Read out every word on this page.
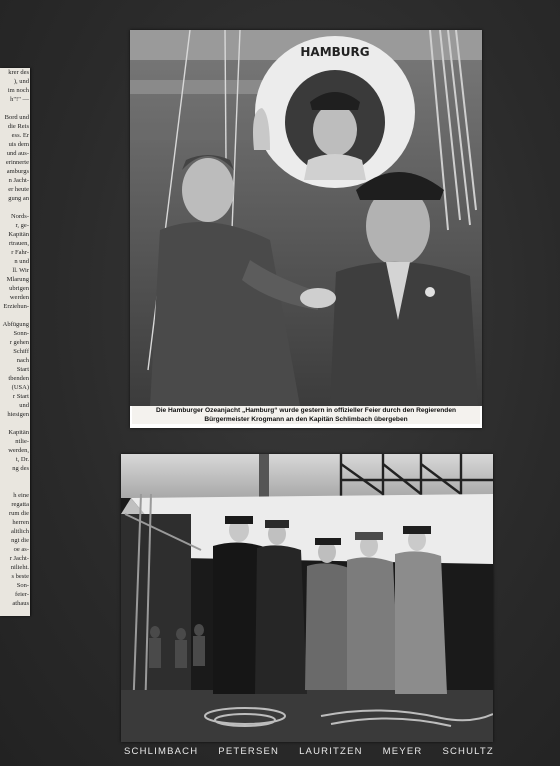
krer des
), und
im noch
h"!" —
Bord und
die Reis
ess. Er
uis dem
und aus-
erinnerte
amburgs
n Jacht-
er heute
gung an
Nords-
r, ge-
Kapitän
rtrauen,
r Fahr-
n und
ll. Wir
Mlarung
ubrigen
werden
Erziehun-
Abfügung
Sonn-
r gehen
Schiff
nach
Start
tbenden
(USA)
r Start
und
hiesigen
Kapitän
ntlie-
werden,
t, Dr.
ng des
h eine
regatta
rum die
herren
alitlich
ngt die
oe as-
r Jacht-
nilieht.
s beste
Son-
feier-
athaus
HAMBURG
Die Hamburger Ozeanjacht „Hamburg“ wurde gestern in offizieller Feier durch den Regierenden
Bürgermeister Krogmann an den Kapitän Schlimbach übergeben
SCHLIMBACH PETERSEN LAURITZEN MEYER SCHULTZ
